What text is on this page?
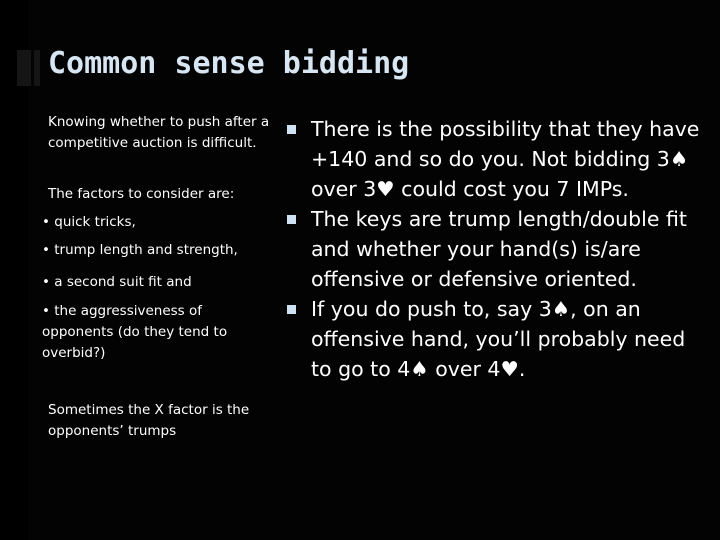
Common sense bidding

Knowing whether to push after a competitive auction is difficult.

The factors to consider are:

• quick tricks,

• trump length and strength,

• a second suit fit and

• the aggressiveness of opponents (do they tend to overbid?)

Sometimes the X factor is the opponents’ trumps

There is the possibility that they have +140 and so do you. Not bidding 3♠ over 3♥ could cost you 7 IMPs.
The keys are trump length/double fit and whether your hand(s) is/are offensive or defensive oriented.
If you do push to, say 3♠, on an offensive hand, you’ll probably need to go to 4♠ over 4♥.
